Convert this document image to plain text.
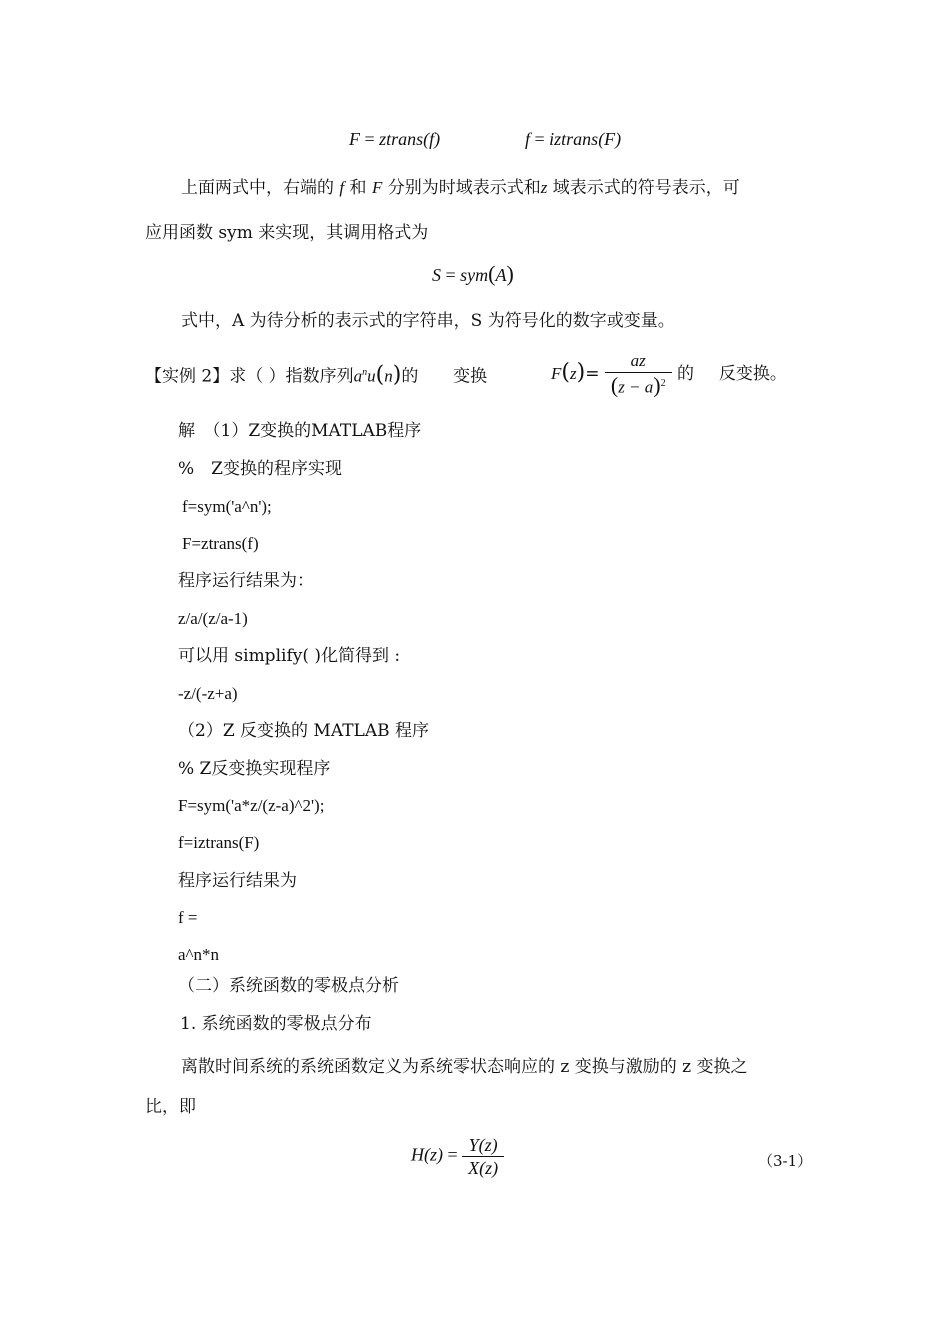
F = ztrans(f)	f = iztrans(F)
上面两式中，右端的 f 和 F 分别为时域表示式和z 域表示式的符号表示，可
应用函数 sym 来实现，其调用格式为
S = sym(A)
式中，A 为待分析的表示式的字符串，S 为符号化的数字或变量。
【实例 2】求（ ）指数序列$a^nu(n)$的 变换	$F(z)= \frac{az}{(z - a)^2}$ 的 反变换。
解　（1）Z变换的MATLAB程序
%　Z变换的程序实现
f=sym('a^n');
F=ztrans(f)
程序运行结果为：
z/a/(z/a-1)
可以用 simplify( )化简得到 :
-z/(-z+a)
（2）Z 反变换的 MATLAB 程序
% Z反变换实现程序
F=sym('a*z/(z-a)^2');
f=iztrans(F)
程序运行结果为
f =
a^n*n
（二）系统函数的零极点分析
1. 系统函数的零极点分布
离散时间系统的系统函数定义为系统零状态响应的 z 变换与激励的 z 变换之
比，即
$H(z) = \frac{Y(z)}{X(z)}$	（3-1）
